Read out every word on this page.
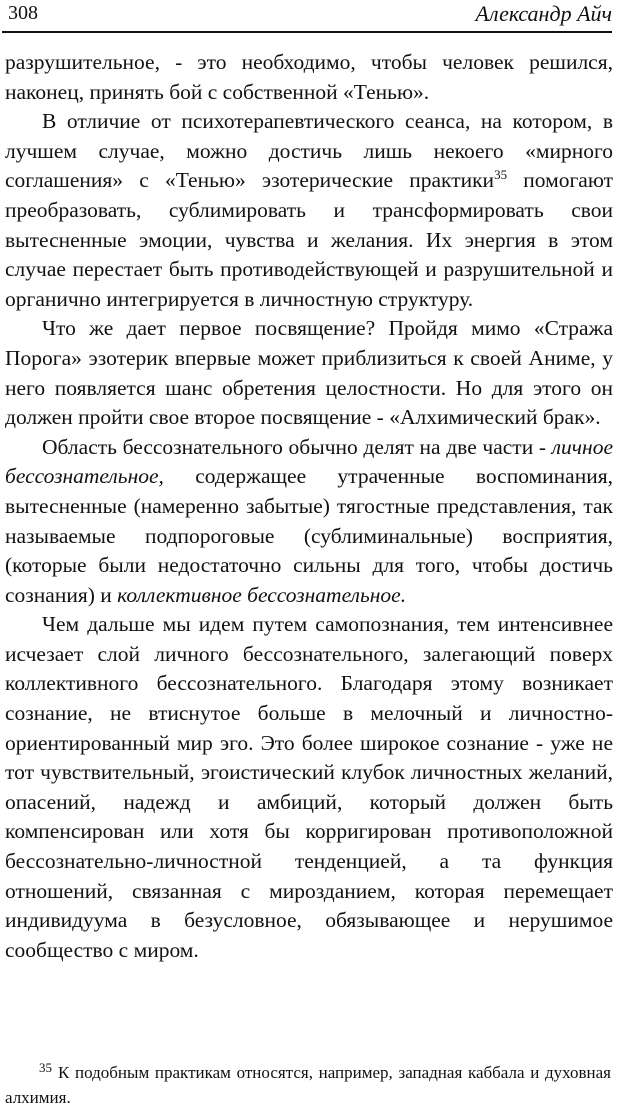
308	Александр Айч

разрушительное, - это необходимо, чтобы человек решился, наконец, принять бой с собственной «Тенью».

В отличие от психотерапевтического сеанса, на котором, в лучшем случае, можно достичь лишь некоего «мирного соглашения» с «Тенью» эзотерические практики$^{35}$ помогают преобразовать, сублимировать и трансформировать свои вытесненные эмоции, чувства и желания. Их энергия в этом случае перестает быть противодействующей и разрушительной и органично интегрируется в личностную структуру.

Что же дает первое посвящение? Пройдя мимо «Стража Порога» эзотерик впервые может приблизиться к своей Аниме, у него появляется шанс обретения целостности. Но для этого он должен пройти свое второе посвящение - «Алхимический брак».

Область бессознательного обычно делят на две части - личное бессознательное, содержащее утраченные воспоминания, вытесненные (намеренно забытые) тягостные представления, так называемые подпороговые (сублиминальные) восприятия, (которые были недостаточно сильны для того, чтобы достичь сознания) и коллективное бессознательное.

Чем дальше мы идем путем самопознания, тем интенсивнее исчезает слой личного бессознательного, залегающий поверх коллективного бессознательного. Благодаря этому возникает сознание, не втиснутое больше в мелочный и личностно-ориентированный мир эго. Это более широкое сознание - уже не тот чувствительный, эгоистический клубок личностных желаний, опасений, надежд и амбиций, который должен быть компенсирован или хотя бы корригирован противоположной бессознательно-личностной тенденцией, а та функция отношений, связанная с мирозданием, которая перемещает индивидуума в безусловное, обязывающее и нерушимое сообщество с миром.

$^{35}$ К подобным практикам относятся, например, западная каббала и духовная алхимия.
